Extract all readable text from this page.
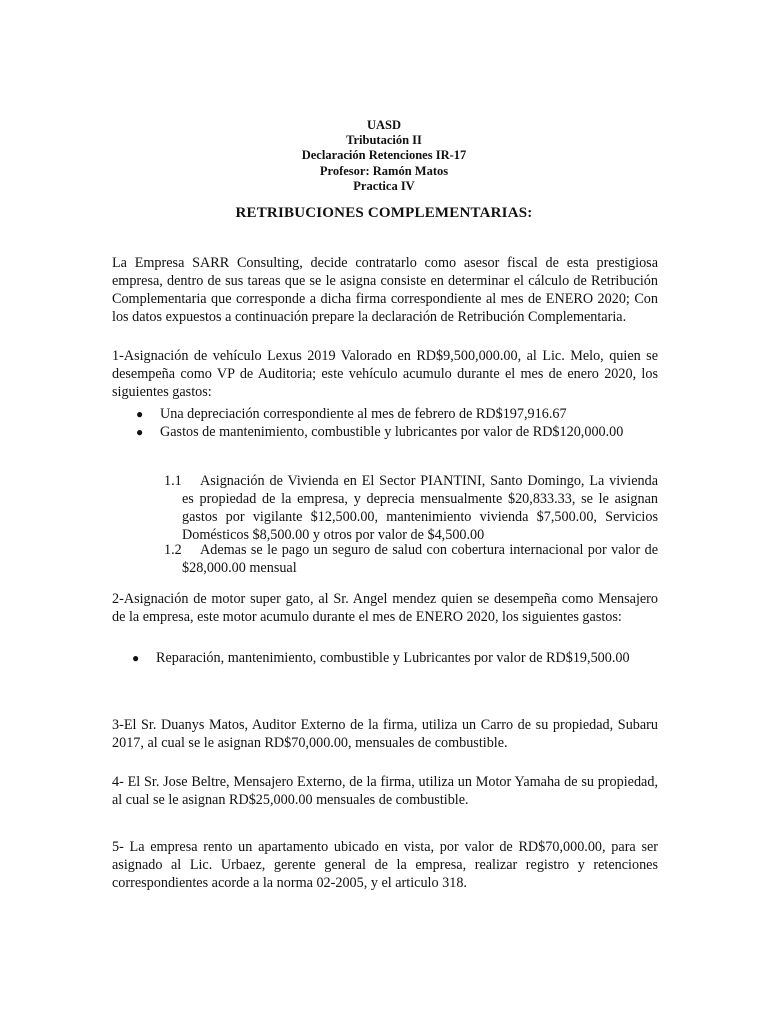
UASD
Tributación II
Declaración Retenciones IR-17
Profesor: Ramón Matos
Practica IV
RETRIBUCIONES COMPLEMENTARIAS:
La Empresa SARR Consulting, decide contratarlo como asesor fiscal de esta prestigiosa empresa, dentro de sus tareas que se le asigna consiste en determinar el cálculo de Retribución Complementaria que corresponde a dicha firma correspondiente al mes de ENERO 2020; Con los datos expuestos a continuación prepare la declaración de Retribución Complementaria.
1-Asignación de vehículo Lexus 2019 Valorado en RD$9,500,000.00, al Lic. Melo, quien se desempeña como VP de Auditoria; este vehículo acumulo durante el mes de enero 2020, los siguientes gastos:
● Una depreciación correspondiente al mes de febrero de RD$197,916.67
● Gastos de mantenimiento, combustible y lubricantes por valor de RD$120,000.00
1.1	Asignación de Vivienda en El Sector PIANTINI, Santo Domingo, La vivienda es propiedad de la empresa, y deprecia mensualmente $20,833.33, se le asignan gastos por vigilante $12,500.00, mantenimiento vivienda $7,500.00, Servicios Domésticos $8,500.00 y otros por valor de $4,500.00
1.2	Ademas se le pago un seguro de salud con cobertura internacional por valor de $28,000.00 mensual
2-Asignación de motor super gato, al Sr. Angel mendez quien se desempeña como Mensajero de la empresa, este motor acumulo durante el mes de ENERO 2020, los siguientes gastos:
● Reparación, mantenimiento, combustible y Lubricantes por valor de RD$19,500.00
3-El Sr. Duanys Matos, Auditor Externo de la firma, utiliza un Carro de su propiedad, Subaru 2017, al cual se le asignan RD$70,000.00, mensuales de combustible.
4- El Sr. Jose Beltre, Mensajero Externo, de la firma, utiliza un Motor Yamaha de su propiedad, al cual se le asignan RD$25,000.00 mensuales de combustible.
5- La empresa rento un apartamento ubicado en vista, por valor de RD$70,000.00, para ser asignado al Lic. Urbaez, gerente general de la empresa, realizar registro y retenciones correspondientes acorde a la norma 02-2005, y el articulo 318.
